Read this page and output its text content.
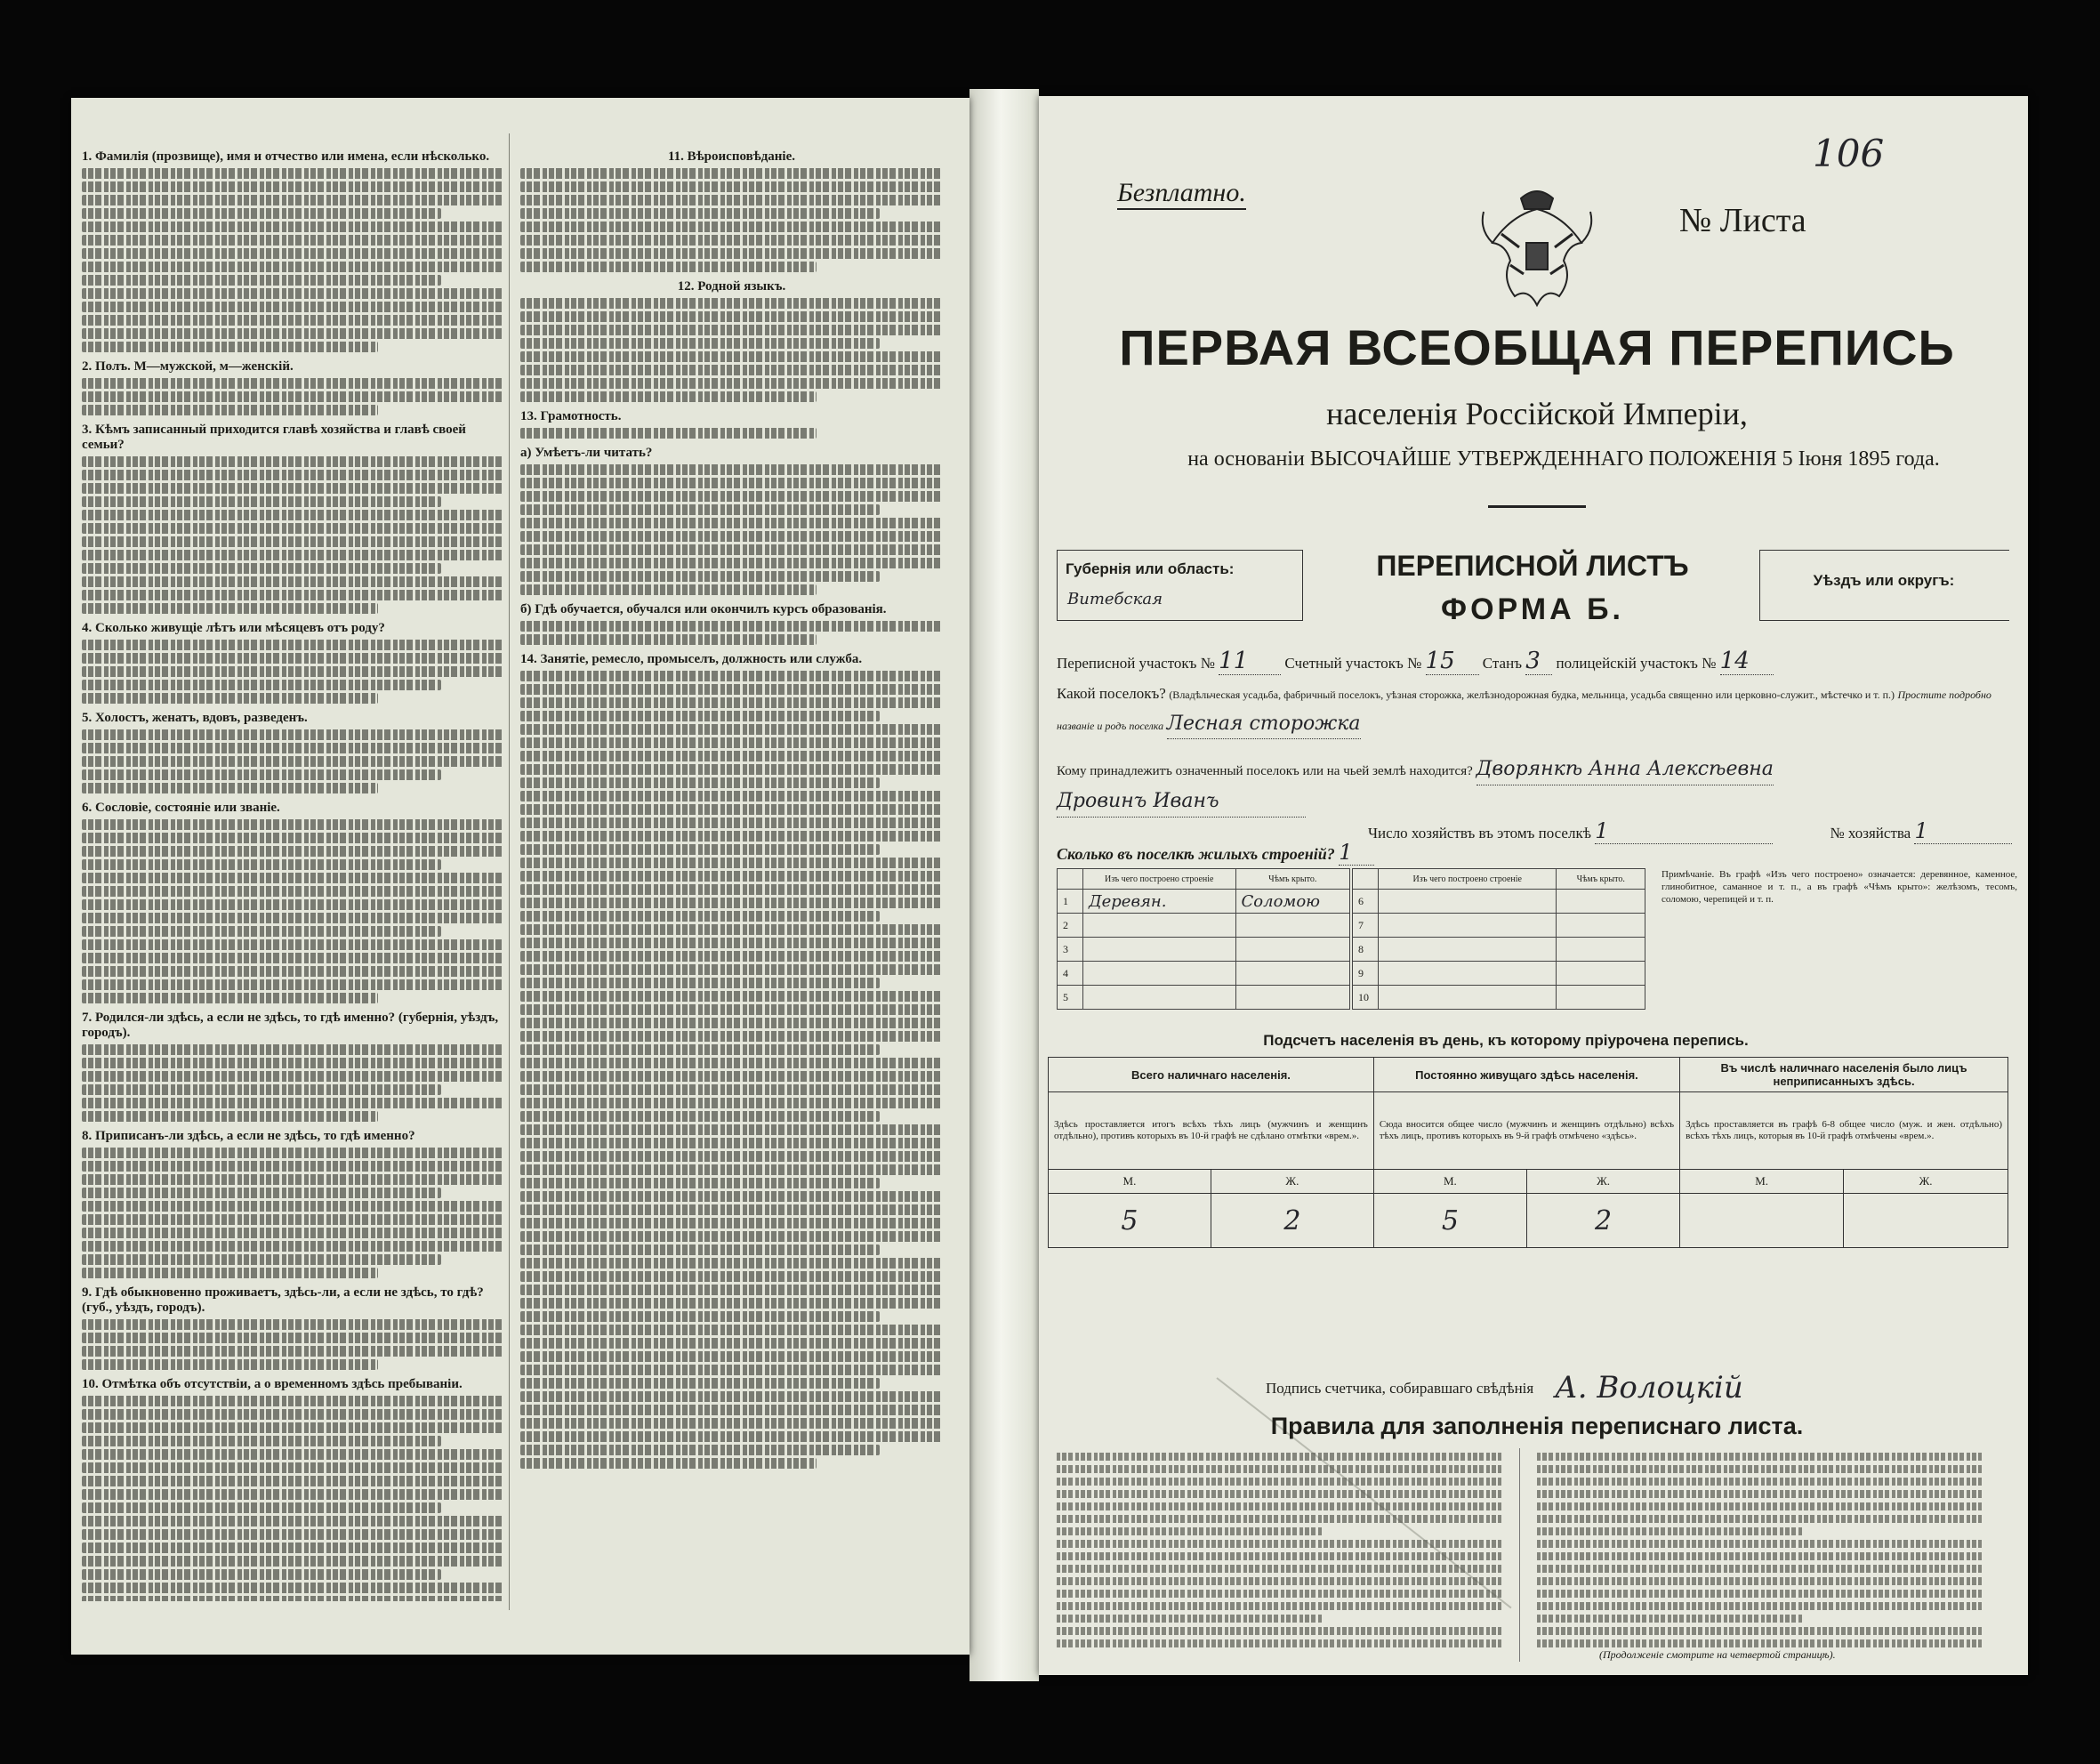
1. Фамилія (прозвище), имя и отчество или имена, если нѣсколько.
2. Полъ. М—мужской, м—женскій.
3. Кѣмъ записанный приходится главѣ хозяйства и главѣ своей семьи?
4. Сколько живущіе лѣтъ или мѣсяцевъ отъ роду?
5. Холостъ, женатъ, вдовъ, разведенъ.
6. Сословіе, состояніе или званіе.
7. Родился-ли здѣсь, а если не здѣсь, то гдѣ именно? (губернія, уѣздъ, городъ).
8. Приписанъ-ли здѣсь, а если не здѣсь, то гдѣ именно?
9. Гдѣ обыкновенно проживаетъ, здѣсь-ли, а если не здѣсь, то гдѣ? (губ., уѣздъ, городъ).
10. Отмѣтка объ отсутствіи, а о временномъ здѣсь пребываніи.
11. Вѣроисповѣданіе.
12. Родной языкъ.
13. Грамотность.
а) Умѣетъ-ли читать?
б) Гдѣ обучается, обучался или окончилъ курсъ образованія.
14. Занятіе, ремесло, промыселъ, должность или служба.
Безплатно.
№ Листа
106
ПЕРВАЯ ВСЕОБЩАЯ ПЕРЕПИСЬ
населенія Россійской Имперіи,
на основаніи ВЫСОЧАЙШЕ УТВЕРЖДЕННАГО ПОЛОЖЕНІЯ 5 Іюня 1895 года.
Губернія или область:
Витебская
ПЕРЕПИСНОЙ ЛИСТЪ
ФОРМА Б.
Уѣздъ или округъ:
Переписной участокъ № 11 Счетный участокъ № 15 Станъ 3 полицейскій участокъ № 14
Какой поселокъ? (Владѣльческая усадьба, фабричный поселокъ, уѣзная сторожка, желѣзнодорожная будка, мельница, усадьба священно или церковно-служит., мѣстечко и т. п.) Простите подробно названіе и родъ поселка Лесная сторожка
Кому принадлежитъ означенный поселокъ или на чьей землѣ находится? Дворянкѣ Анна Алексѣевна
Дровинъ Иванъ
Число хозяйствъ въ этомъ поселкѣ 1	№ хозяйства 1
Сколько въ поселкѣ жилыхъ строеній? 1
	Изъ чего построено строеніе	Чѣмъ крыто.
1	Деревян.	Соломою
2		
3		
4		
5		
	Изъ чего построено строеніе	Чѣмъ крыто.
6		
7		
8		
9		
10		
Примѣчаніе. Въ графѣ «Изъ чего построено» означается: деревянное, каменное, глинобитное, саманное и т. п., а въ графѣ «Чѣмъ крыто»: желѣзомъ, тесомъ, соломою, черепицей и т. п.
Подсчетъ населенія въ день, къ которому пріурочена перепись.
Всего наличнаго населенія.		Постоянно живущаго здѣсь населенія.		Въ числѣ наличнаго населенія было лицъ неприписанныхъ здѣсь.	
Здѣсь проставляется итогъ всѣхъ тѣхъ лицъ (мужчинъ и женщинъ отдѣльно), противъ которыхъ въ 10-й графѣ не сдѣлано отмѣтки «врем.».		Сюда вносится общее число (мужчинъ и женщинъ отдѣльно) всѣхъ тѣхъ лицъ, противъ которыхъ въ 9-й графѣ отмѣчено «здѣсь».		Здѣсь проставляется въ графѣ 6-8 общее число (муж. и жен. отдѣльно) всѣхъ тѣхъ лицъ, которыя въ 10-й графѣ отмѣчены «врем.».	
М.	Ж.	М.	Ж.	М.	Ж.
5	2	5	2		
Подпись счетчика, собиравшаго свѣдѣнія А. Волоцкій
Правила для заполненія переписнаго листа.
(Продолженіе смотрите на четвертой страницѣ).
